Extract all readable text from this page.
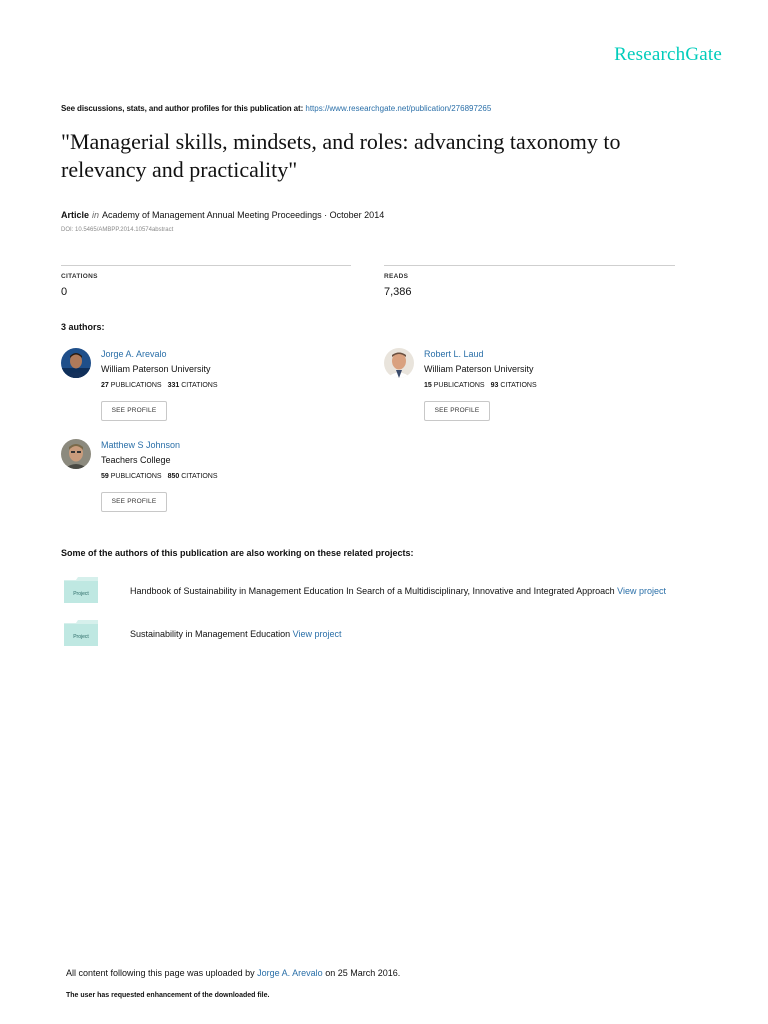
ResearchGate
See discussions, stats, and author profiles for this publication at: https://www.researchgate.net/publication/276897265
"Managerial skills, mindsets, and roles: advancing taxonomy to
relevancy and practicality"
Article in Academy of Management Annual Meeting Proceedings · October 2014
DOI: 10.5465/AMBPP.2014.10574abstract
CITATIONS
0
READS
7,386
3 authors:
Jorge A. Arevalo
William Paterson University
27 PUBLICATIONS 331 CITATIONS
SEE PROFILE
Robert L. Laud
William Paterson University
15 PUBLICATIONS 93 CITATIONS
SEE PROFILE
Matthew S Johnson
Teachers College
59 PUBLICATIONS 850 CITATIONS
SEE PROFILE
Some of the authors of this publication are also working on these related projects:
Project	Handbook of Sustainability in Management Education In Search of a Multidisciplinary, Innovative and Integrated Approach View project
Project	Sustainability in Management Education View project
All content following this page was uploaded by Jorge A. Arevalo on 25 March 2016.
The user has requested enhancement of the downloaded file.
